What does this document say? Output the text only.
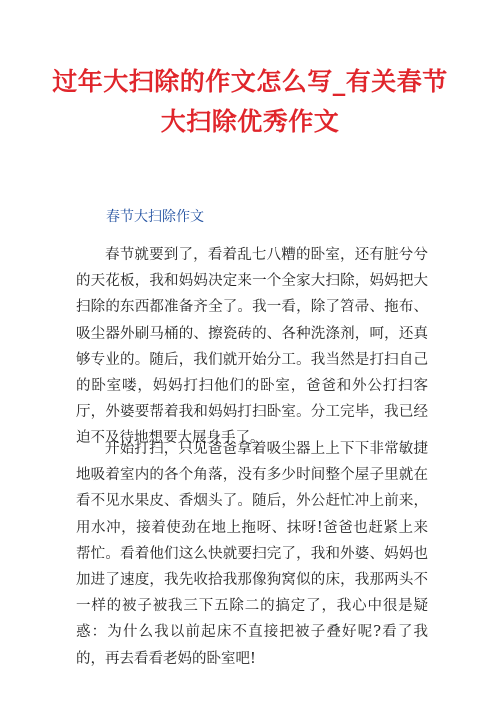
过年大扫除的作文怎么写_有关春节大扫除优秀作文
春节大扫除作文

春节就要到了，看着乱七八糟的卧室，还有脏兮兮的天花板，我和妈妈决定来一个全家大扫除，妈妈把大扫除的东西都准备齐全了。我一看，除了笤帚、拖布、吸尘器外刷马桶的、擦瓷砖的、各种洗涤剂，呵，还真够专业的。随后，我们就开始分工。我当然是打扫自己的卧室喽，妈妈打扫他们的卧室，爸爸和外公打扫客厅，外婆要帮着我和妈妈打扫卧室。分工完毕，我已经迫不及待地想要大展身手了。

开始打扫，只见爸爸拿着吸尘器上上下下非常敏捷地吸着室内的各个角落，没有多少时间整个屋子里就在看不见水果皮、香烟头了。随后，外公赶忙冲上前来，用水冲，接着使劲在地上拖呀、抹呀!爸爸也赶紧上来帮忙。看着他们这么快就要扫完了，我和外婆、妈妈也加进了速度，我先收拾我那像狗窝似的床，我那两头不一样的被子被我三下五除二的搞定了，我心中很是疑惑：为什么我以前起床不直接把被子叠好呢?看了我的，再去看看老妈的卧室吧!
